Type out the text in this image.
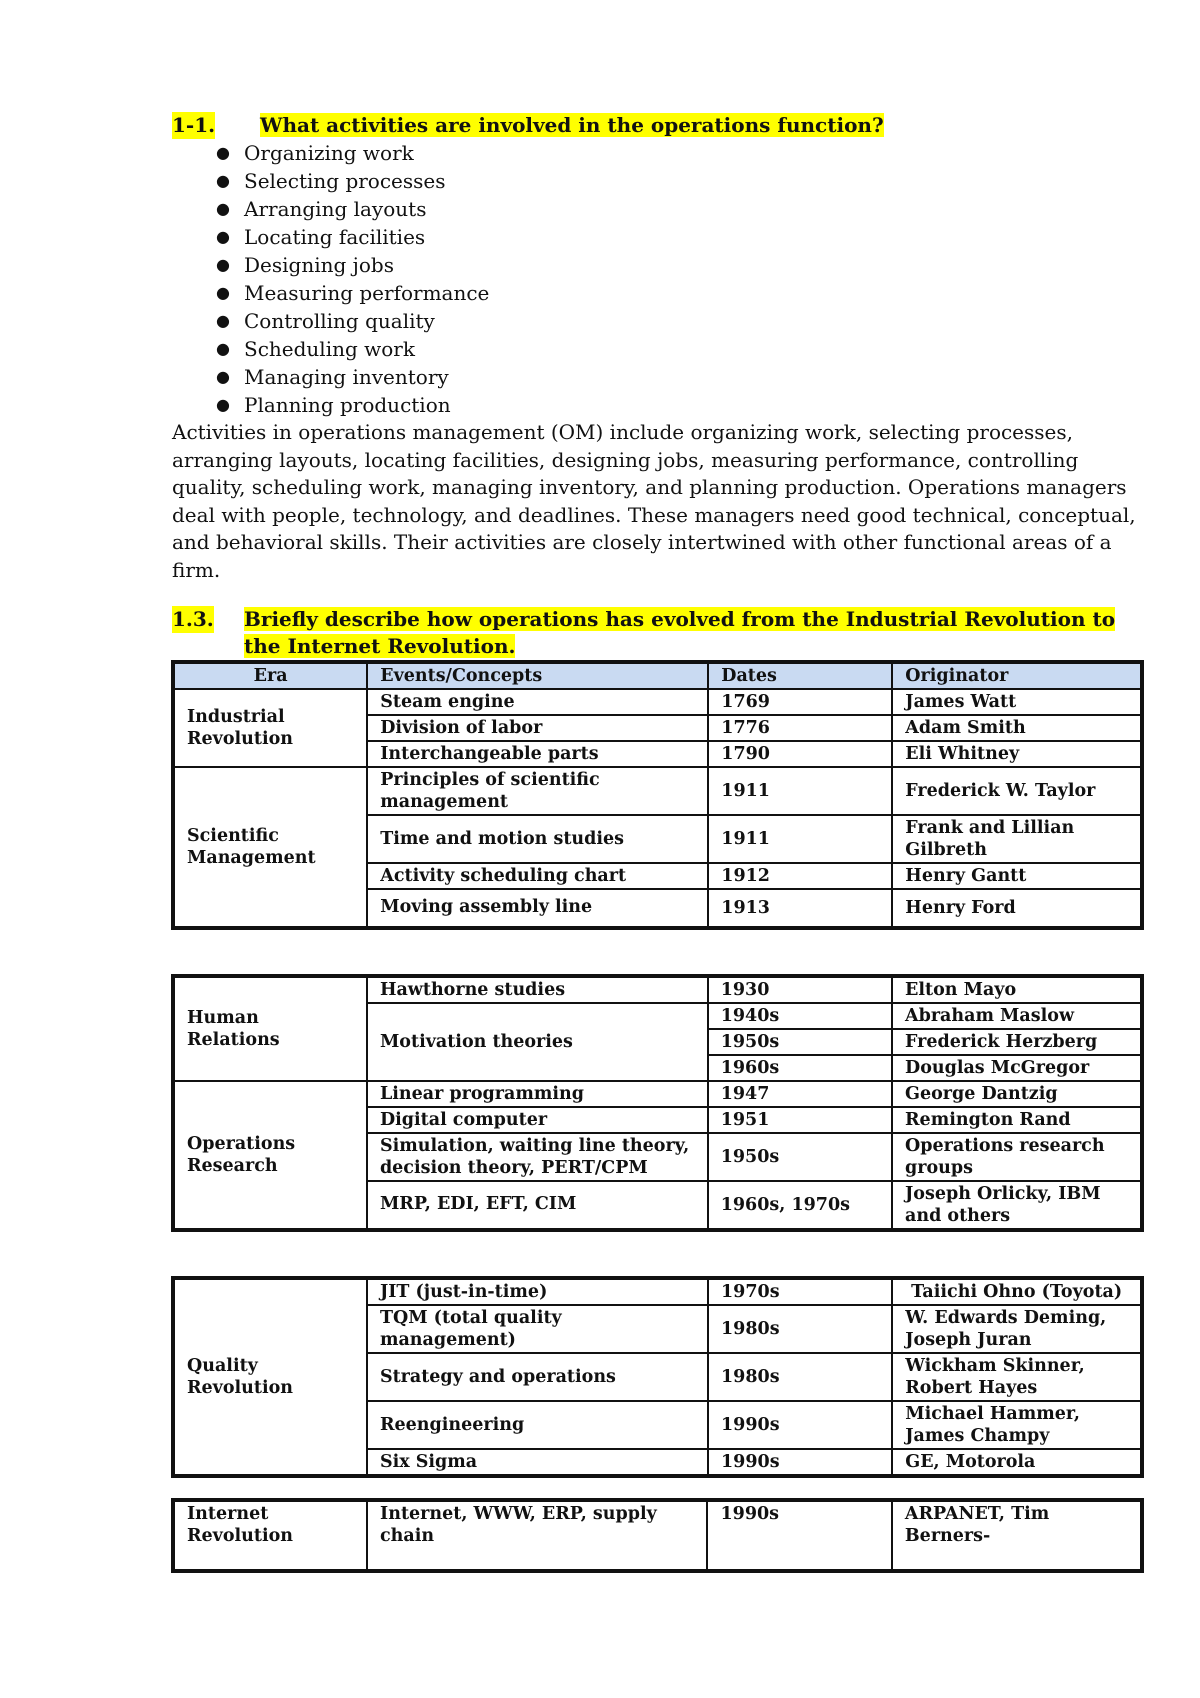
1-1.	What activities are involved in the operations function?
● Organizing work
● Selecting processes
● Arranging layouts
● Locating facilities
● Designing jobs
● Measuring performance
● Controlling quality
● Scheduling work
● Managing inventory
● Planning production

Activities in operations management (OM) include organizing work, selecting processes, arranging layouts, locating facilities, designing jobs, measuring performance, controlling quality, scheduling work, managing inventory, and planning production. Operations managers deal with people, technology, and deadlines. These managers need good technical, conceptual, and behavioral skills. Their activities are closely intertwined with other functional areas of a firm.

1.3.	Briefly describe how operations has evolved from the Industrial Revolution to the Internet Revolution.
Era	Events/Concepts	Dates	Originator
Industrial Revolution	Steam engine	1769	James Watt
	Division of labor	1776	Adam Smith
	Interchangeable parts	1790	Eli Whitney
Scientific Management	Principles of scientific management	1911	Frederick W. Taylor
	Time and motion studies	1911	Frank and Lillian Gilbreth
	Activity scheduling chart	1912	Henry Gantt
	Moving assembly line	1913	Henry Ford
Human Relations	Hawthorne studies	1930	Elton Mayo
	Motivation theories	1940s	Abraham Maslow
		1950s	Frederick Herzberg
		1960s	Douglas McGregor
Operations Research	Linear programming	1947	George Dantzig
	Digital computer	1951	Remington Rand
	Simulation, waiting line theory, decision theory, PERT/CPM	1950s	Operations research groups
	MRP, EDI, EFT, CIM	1960s, 1970s	Joseph Orlicky, IBM and others
Quality Revolution	JIT (just-in-time)	1970s	Taiichi Ohno (Toyota)
	TQM (total quality management)	1980s	W. Edwards Deming, Joseph Juran
	Strategy and operations	1980s	Wickham Skinner, Robert Hayes
	Reengineering	1990s	Michael Hammer, James Champy
	Six Sigma	1990s	GE, Motorola
Internet Revolution	Internet, WWW, ERP, supply chain	1990s	ARPANET, Tim Berners-
